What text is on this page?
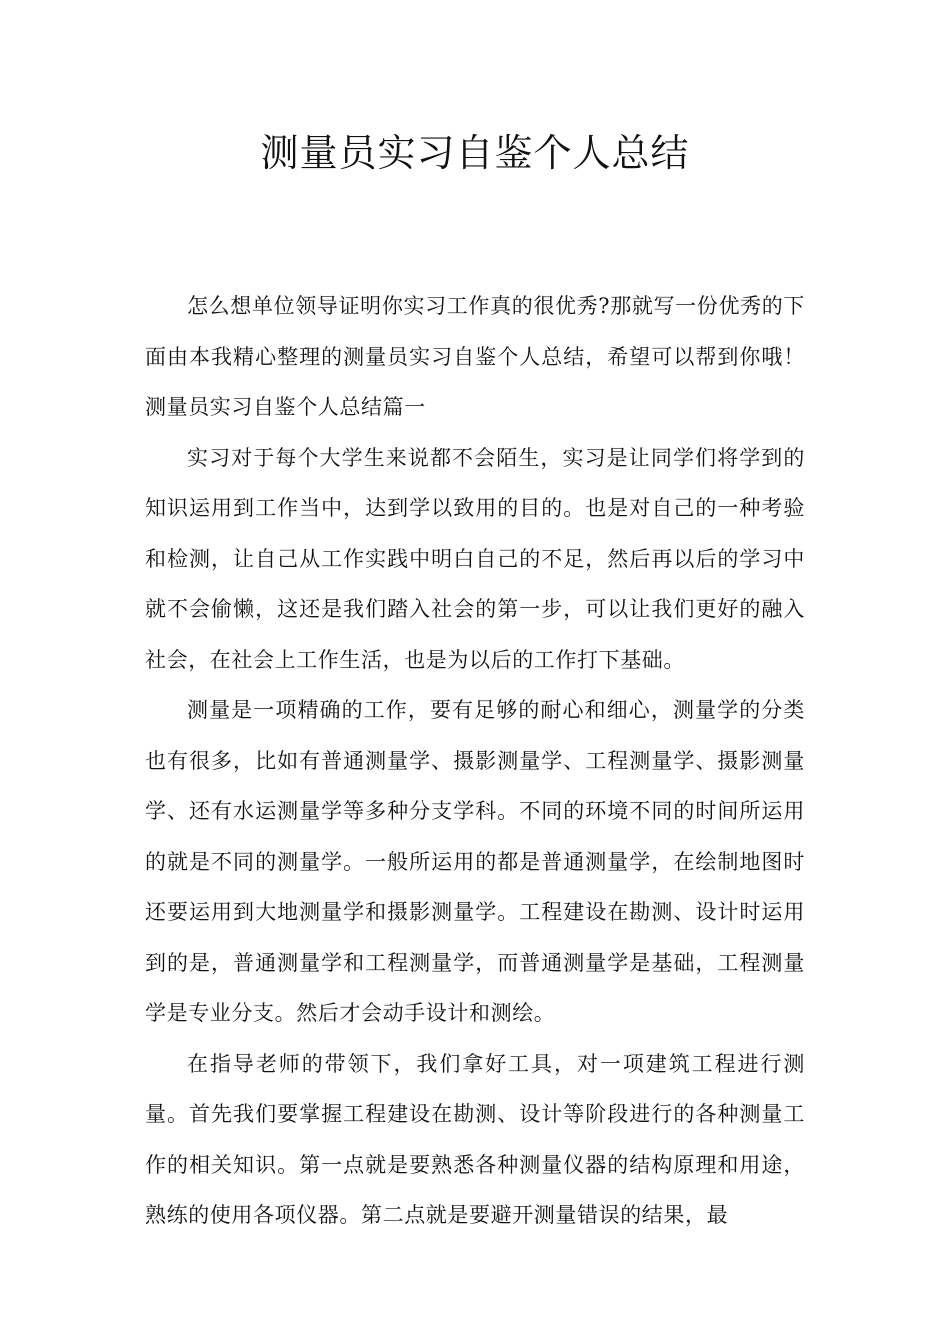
测量员实习自鉴个人总结

怎么想单位领导证明你实习工作真的很优秀?那就写一份优秀的下面由本我精心整理的测量员实习自鉴个人总结，希望可以帮到你哦！测量员实习自鉴个人总结篇一

实习对于每个大学生来说都不会陌生，实习是让同学们将学到的知识运用到工作当中，达到学以致用的目的。也是对自己的一种考验和检测，让自己从工作实践中明白自己的不足，然后再以后的学习中就不会偷懒，这还是我们踏入社会的第一步，可以让我们更好的融入社会，在社会上工作生活，也是为以后的工作打下基础。

测量是一项精确的工作，要有足够的耐心和细心，测量学的分类也有很多，比如有普通测量学、摄影测量学、工程测量学、摄影测量学、还有水运测量学等多种分支学科。不同的环境不同的时间所运用的就是不同的测量学。一般所运用的都是普通测量学，在绘制地图时还要运用到大地测量学和摄影测量学。工程建设在勘测、设计时运用到的是，普通测量学和工程测量学，而普通测量学是基础，工程测量学是专业分支。然后才会动手设计和测绘。

在指导老师的带领下，我们拿好工具，对一项建筑工程进行测量。首先我们要掌握工程建设在勘测、设计等阶段进行的各种测量工作的相关知识。第一点就是要熟悉各种测量仪器的结构原理和用途，熟练的使用各项仪器。第二点就是要避开测量错误的结果，最
